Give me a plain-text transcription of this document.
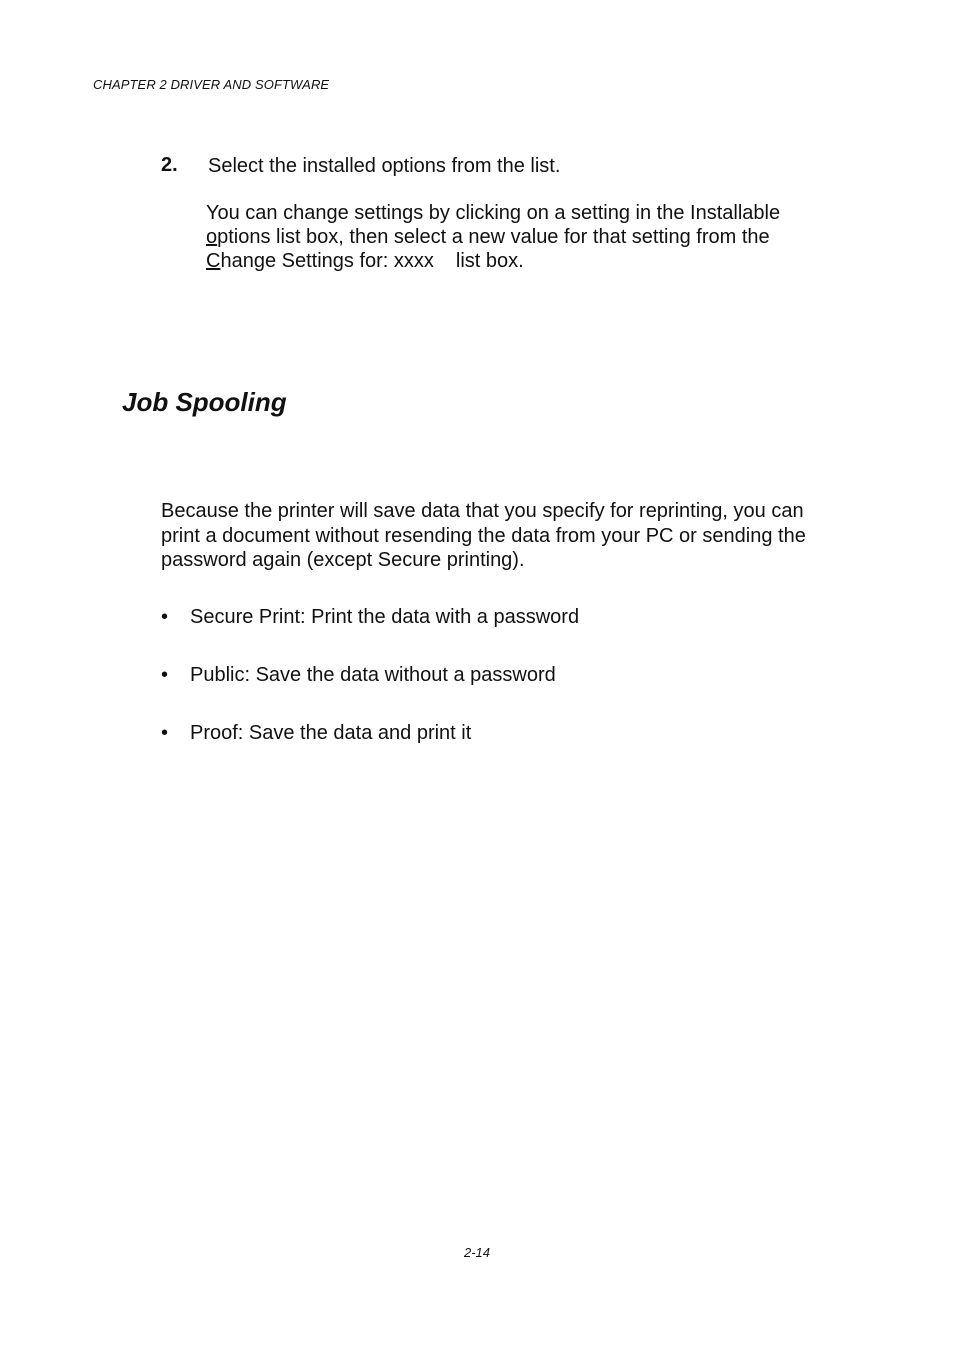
CHAPTER 2 DRIVER AND SOFTWARE
2. Select the installed options from the list.
You can change settings by clicking on a setting in the Installable
options list box, then select a new value for that setting from the
Change Settings for: xxxx list box.
Job Spooling
Because the printer will save data that you specify for reprinting, you can
print a document without resending the data from your PC or sending the
password again (except Secure printing).
• Secure Print: Print the data with a password
• Public: Save the data without a password
• Proof: Save the data and print it
2-14
